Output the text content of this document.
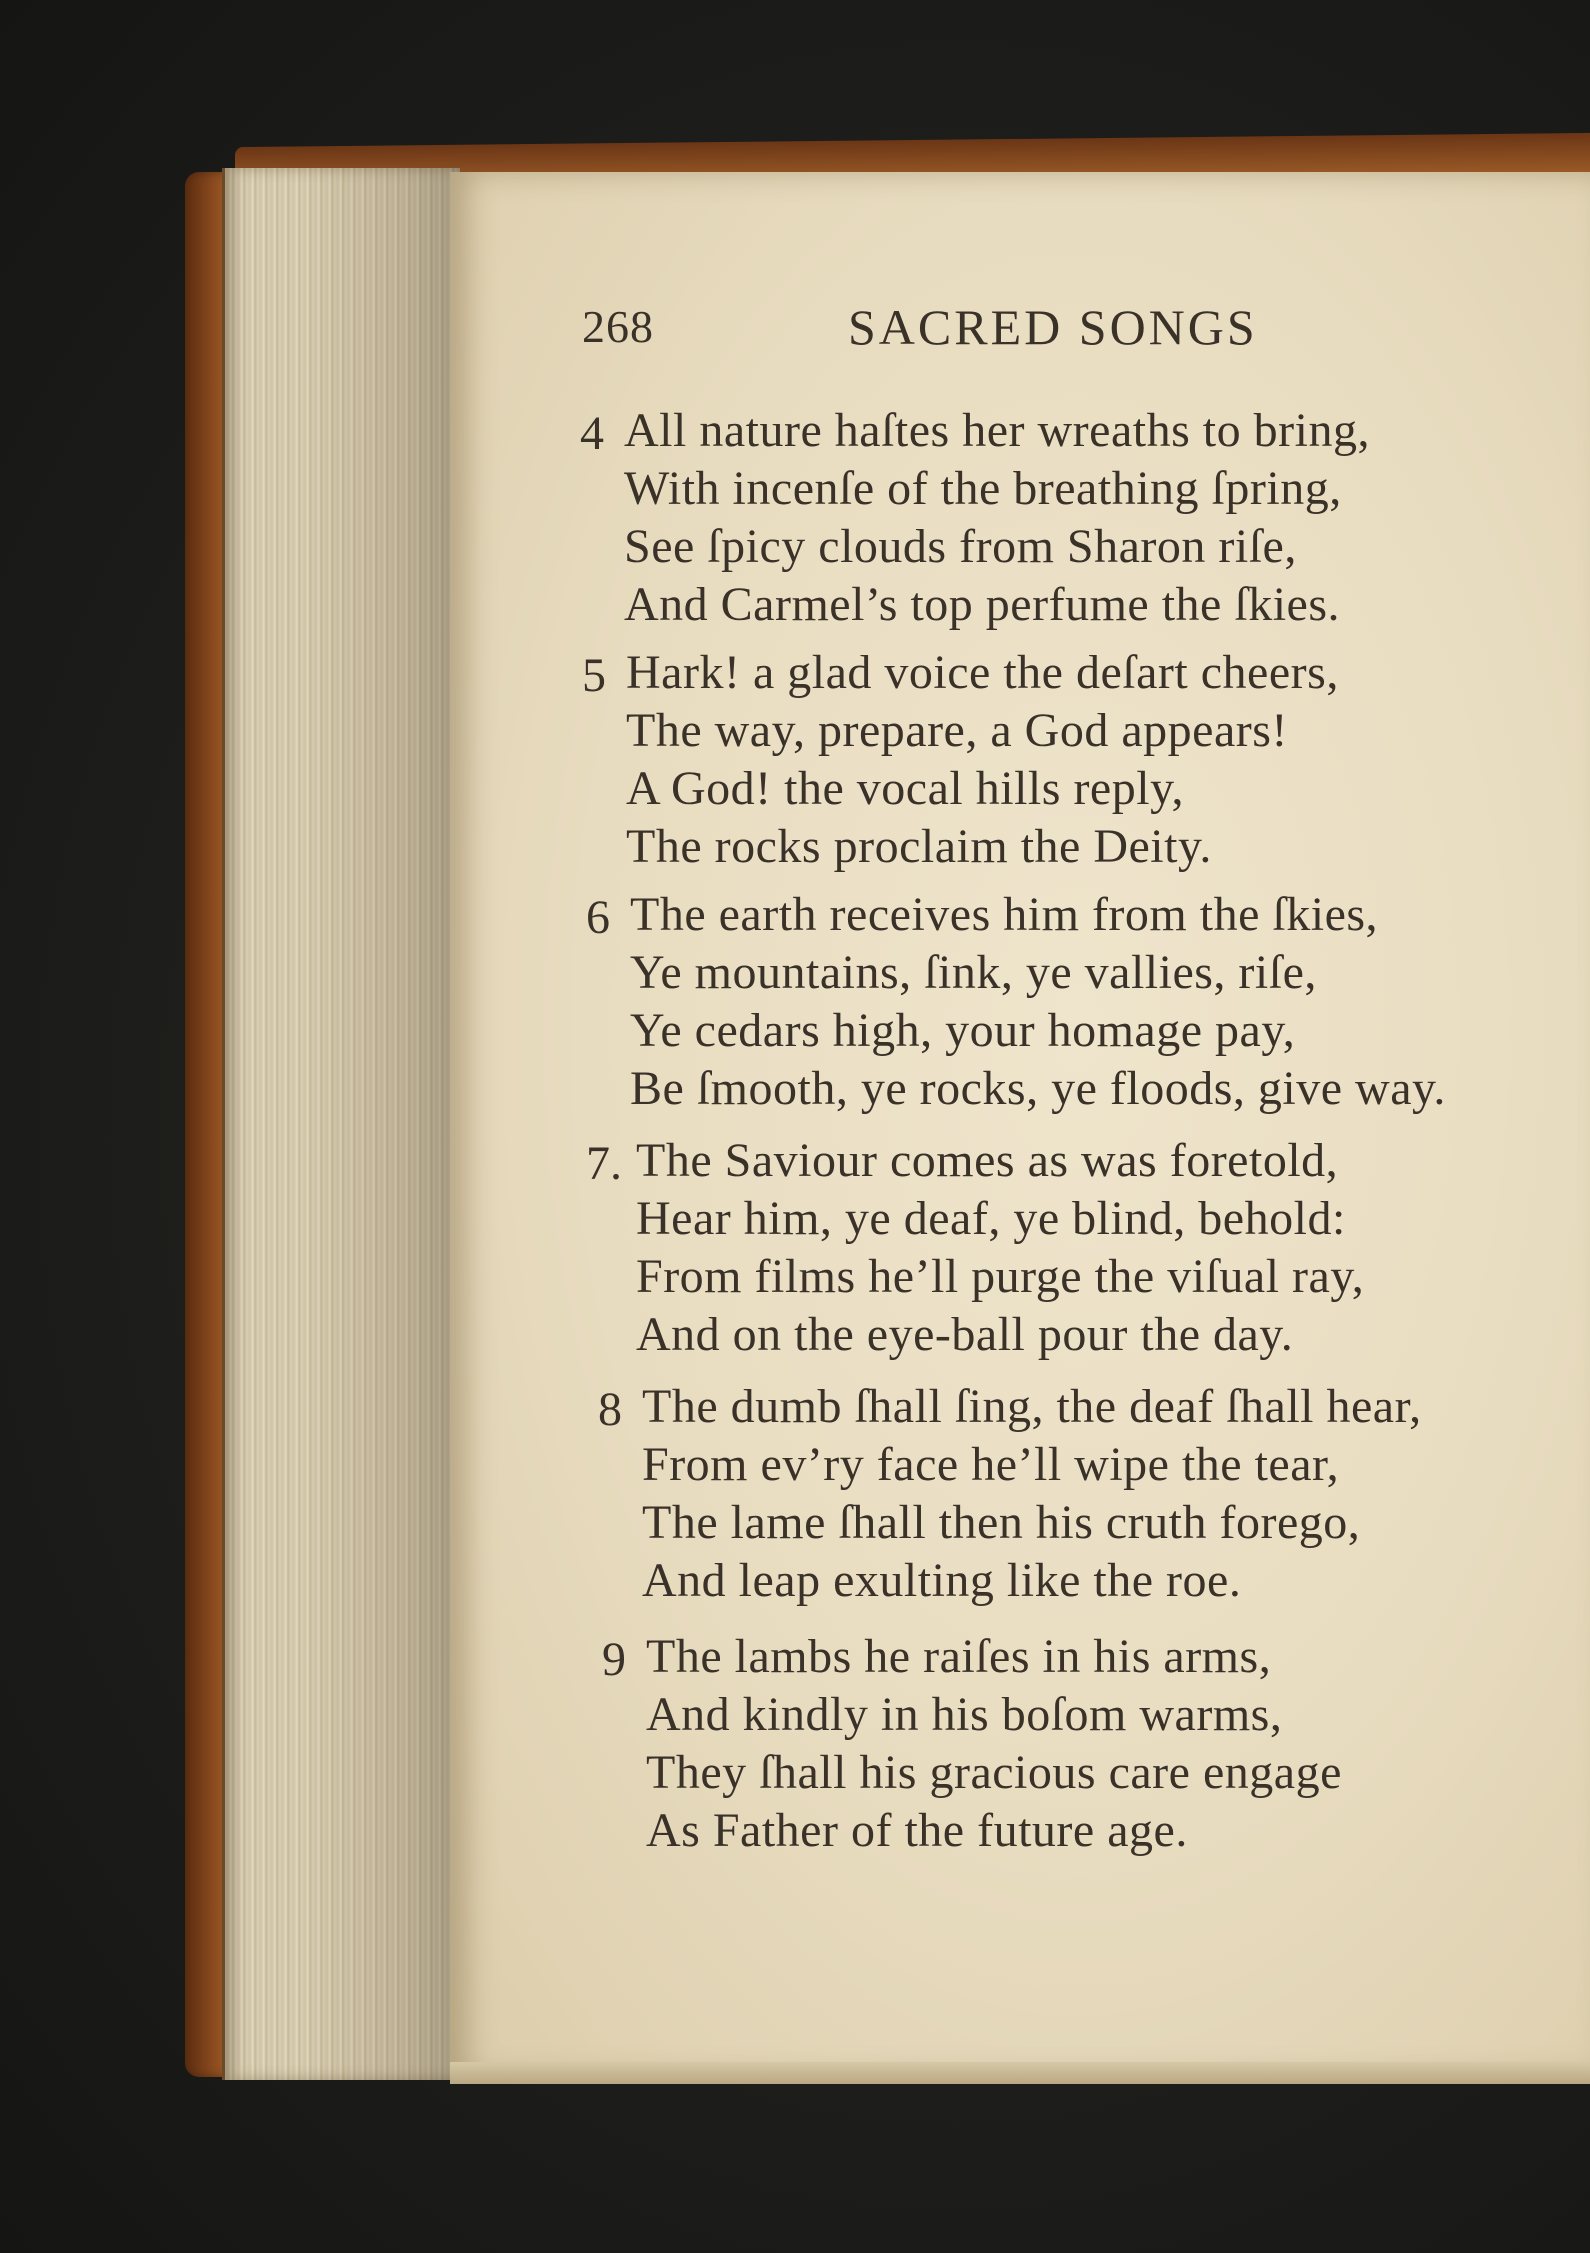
268	SACRED SONGS
4 All nature haſtes her wreaths to bring,
With incenſe of the breathing ſpring,
See ſpicy clouds from Sharon riſe,
And Carmel’s top perfume the ſkies.
5 Hark! a glad voice the deſart cheers,
The way, prepare, a God appears!
A God! the vocal hills reply,
The rocks proclaim the Deity.
6 The earth receives him from the ſkies,
Ye mountains, ſink, ye vallies, riſe,
Ye cedars high, your homage pay,
Be ſmooth, ye rocks, ye floods, give way.
7. The Saviour comes as was foretold,
Hear him, ye deaf, ye blind, behold:
From films he’ll purge the viſual ray,
And on the eye-ball pour the day.
8 The dumb ſhall ſing, the deaf ſhall hear,
From ev’ry face he’ll wipe the tear,
The lame ſhall then his cruth forego,
And leap exulting like the roe.
9 The lambs he raiſes in his arms,
And kindly in his boſom warms,
They ſhall his gracious care engage
As Father of the future age.
